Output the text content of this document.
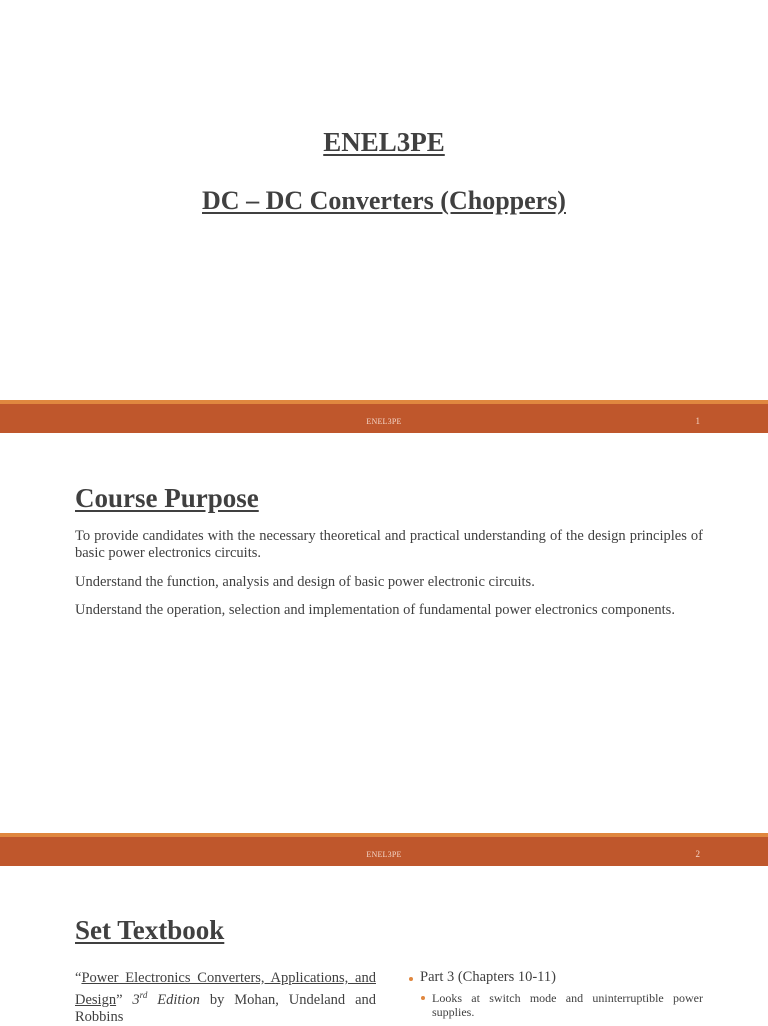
ENEL3PE
DC – DC Converters (Choppers)
ENEL3PE	1
Course Purpose
To provide candidates with the necessary theoretical and practical understanding of the design principles of basic power electronics circuits.
Understand the function, analysis and design of basic power electronic circuits.
Understand the operation, selection and implementation of fundamental power electronics components.
ENEL3PE	2
Set Textbook
“Power Electronics Converters, Applications, and Design” 3rd Edition by Mohan, Undeland and Robbins
Part 3 (Chapters 10-11)
Looks at switch mode and uninterruptible power supplies.
